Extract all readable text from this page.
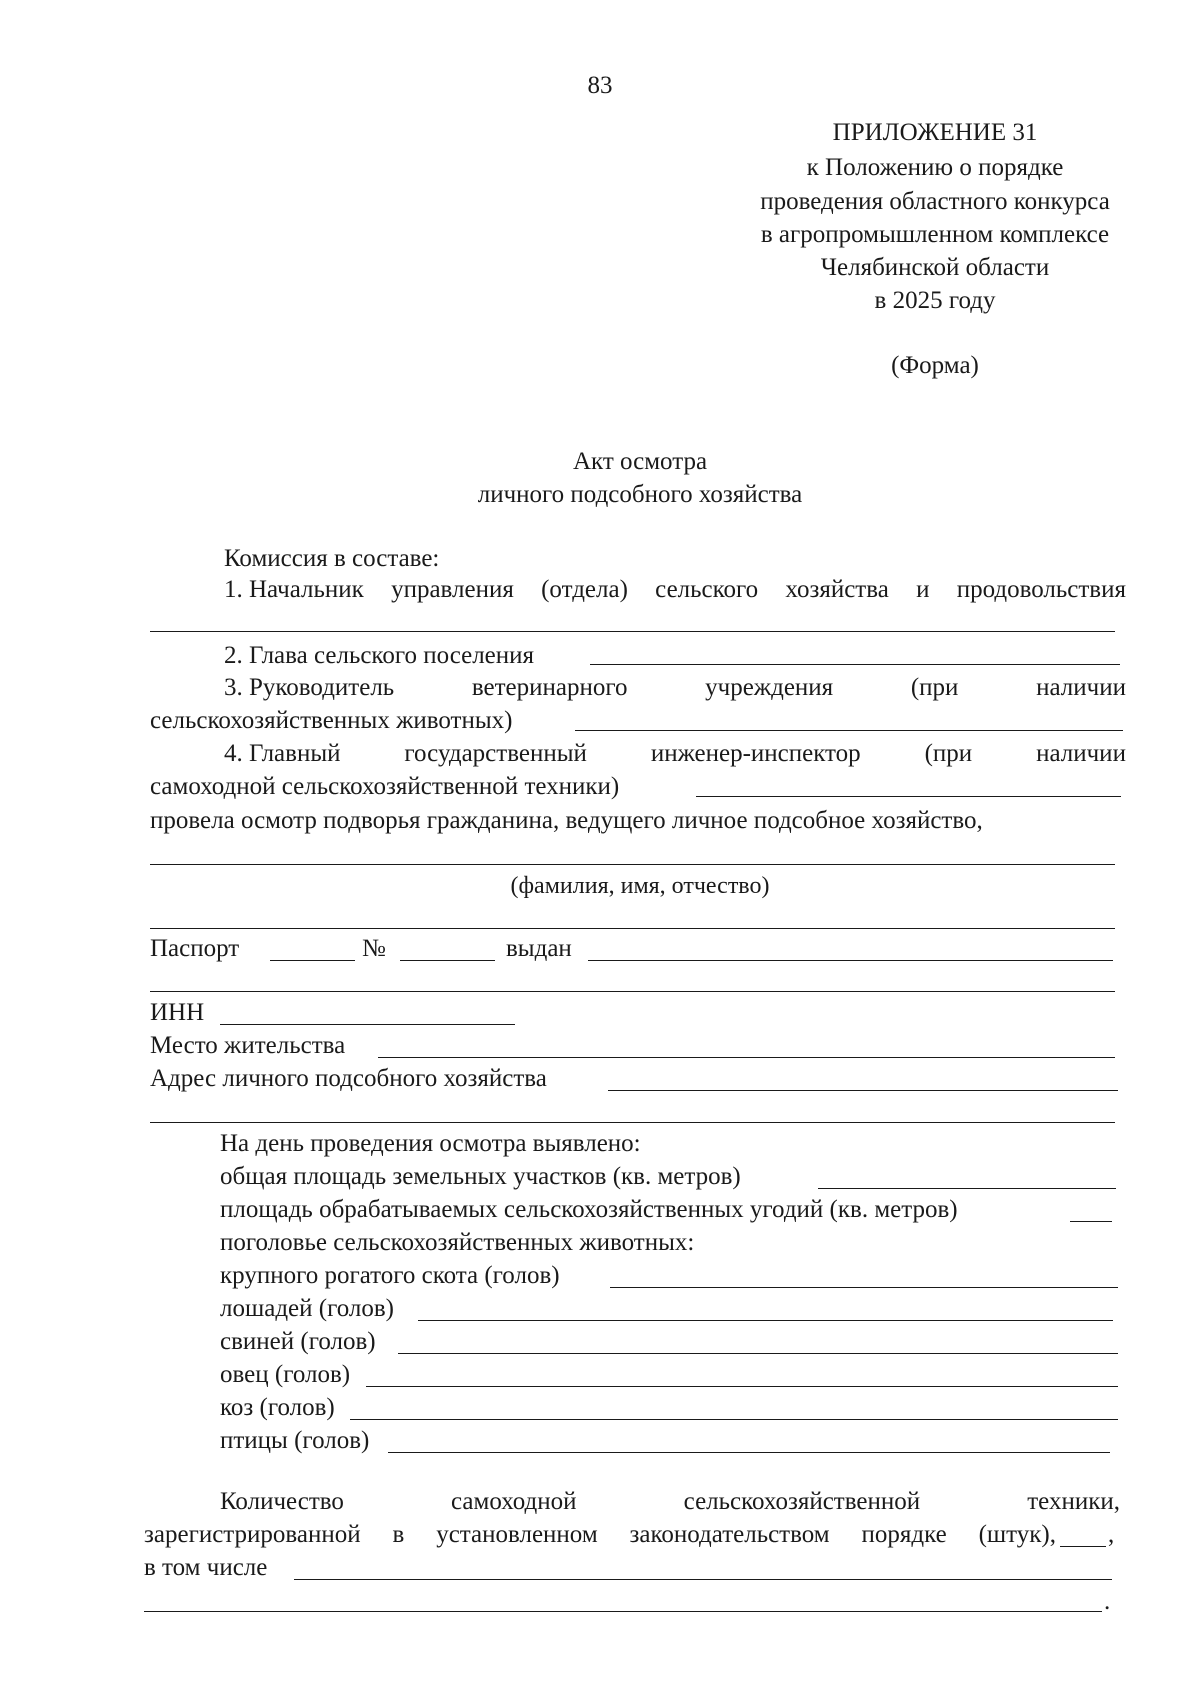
83
ПРИЛОЖЕНИЕ 31
к Положению о порядке
проведения областного конкурса
в агропромышленном комплексе
Челябинской области
в 2025 году
(Форма)
Акт осмотра
личного подсобного хозяйства
Комиссия в составе:
1. Начальник управления (отдела) сельского хозяйства и продовольствия
2. Глава сельского поселения
3. Руководитель	ветеринарного	учреждения	(при	наличии
сельскохозяйственных животных)
4. Главный	государственный	инженер-инспектор	(при	наличии
самоходной сельскохозяйственной техники)
провела осмотр подворья гражданина, ведущего личное подсобное хозяйство,
(фамилия, имя, отчество)
Паспорт	№	выдан
ИНН
Место жительства
Адрес личного подсобного хозяйства
На день проведения осмотра выявлено:
общая площадь земельных участков (кв. метров)
площадь обрабатываемых сельскохозяйственных угодий (кв. метров)
поголовье сельскохозяйственных животных:
крупного рогатого скота (голов)
лошадей (голов)
свиней (голов)
овец (голов)
коз (голов)
птицы (голов)
Количество	самоходной	сельскохозяйственной	техники,
зарегистрированной в установленном законодательством порядке (штук), ,
в том числе
.
